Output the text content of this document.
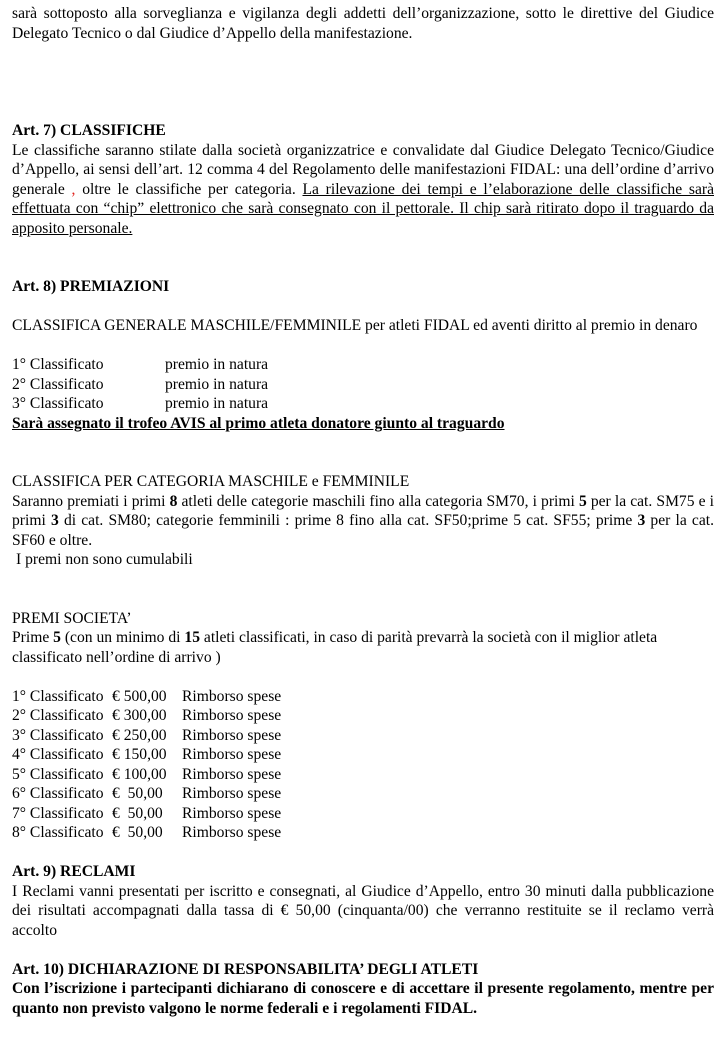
sarà sottoposto alla sorveglianza e vigilanza degli addetti dell’organizzazione, sotto le direttive del Giudice Delegato Tecnico o dal Giudice d’Appello della manifestazione.

Art. 7) CLASSIFICHE

Le classifiche saranno stilate dalla società organizzatrice e convalidate dal Giudice Delegato Tecnico/Giudice d’Appello, ai sensi dell’art. 12 comma 4 del Regolamento delle manifestazioni FIDAL: una dell’ordine d’arrivo generale , oltre le classifiche per categoria. La rilevazione dei tempi e l’elaborazione delle classifiche sarà effettuata con “chip” elettronico che sarà consegnato con il pettorale. Il chip sarà ritirato dopo il traguardo da apposito personale.

Art. 8) PREMIAZIONI

CLASSIFICA GENERALE MASCHILE/FEMMINILE per atleti FIDAL ed aventi diritto al premio in denaro

1° Classificato	premio in natura
2° Classificato	premio in natura
3° Classificato	premio in natura

Sarà assegnato il trofeo AVIS al primo atleta donatore giunto al traguardo

CLASSIFICA PER CATEGORIA MASCHILE e FEMMINILE

Saranno premiati i primi 8 atleti delle categorie maschili fino alla categoria SM70, i primi 5 per la cat. SM75 e i primi 3 di cat. SM80; categorie femminili : prime 8 fino alla cat. SF50;prime 5 cat. SF55; prime 3 per la cat. SF60 e oltre.

I premi non sono cumulabili

PREMI SOCIETA’

Prime 5 (con un minimo di 15 atleti classificati, in caso di parità prevarrà la società con il miglior atleta classificato nell’ordine di arrivo )

1° Classificato € 500,00 Rimborso spese
2° Classificato € 300,00 Rimborso spese
3° Classificato € 250,00 Rimborso spese
4° Classificato € 150,00 Rimborso spese
5° Classificato € 100,00 Rimborso spese
6° Classificato €  50,00	Rimborso spese
7° Classificato €  50,00	Rimborso spese
8° Classificato €  50,00	Rimborso spese

Art. 9) RECLAMI

I Reclami vanni presentati per iscritto e consegnati, al Giudice d’Appello, entro 30 minuti dalla pubblicazione dei risultati accompagnati dalla tassa di € 50,00 (cinquanta/00) che verranno restituite se il reclamo verrà accolto

Art. 10) DICHIARAZIONE DI RESPONSABILITA’ DEGLI ATLETI

Con l’iscrizione i partecipanti dichiarano di conoscere e di accettare il presente regolamento, mentre per quanto non previsto valgono le norme federali e i regolamenti FIDAL.
